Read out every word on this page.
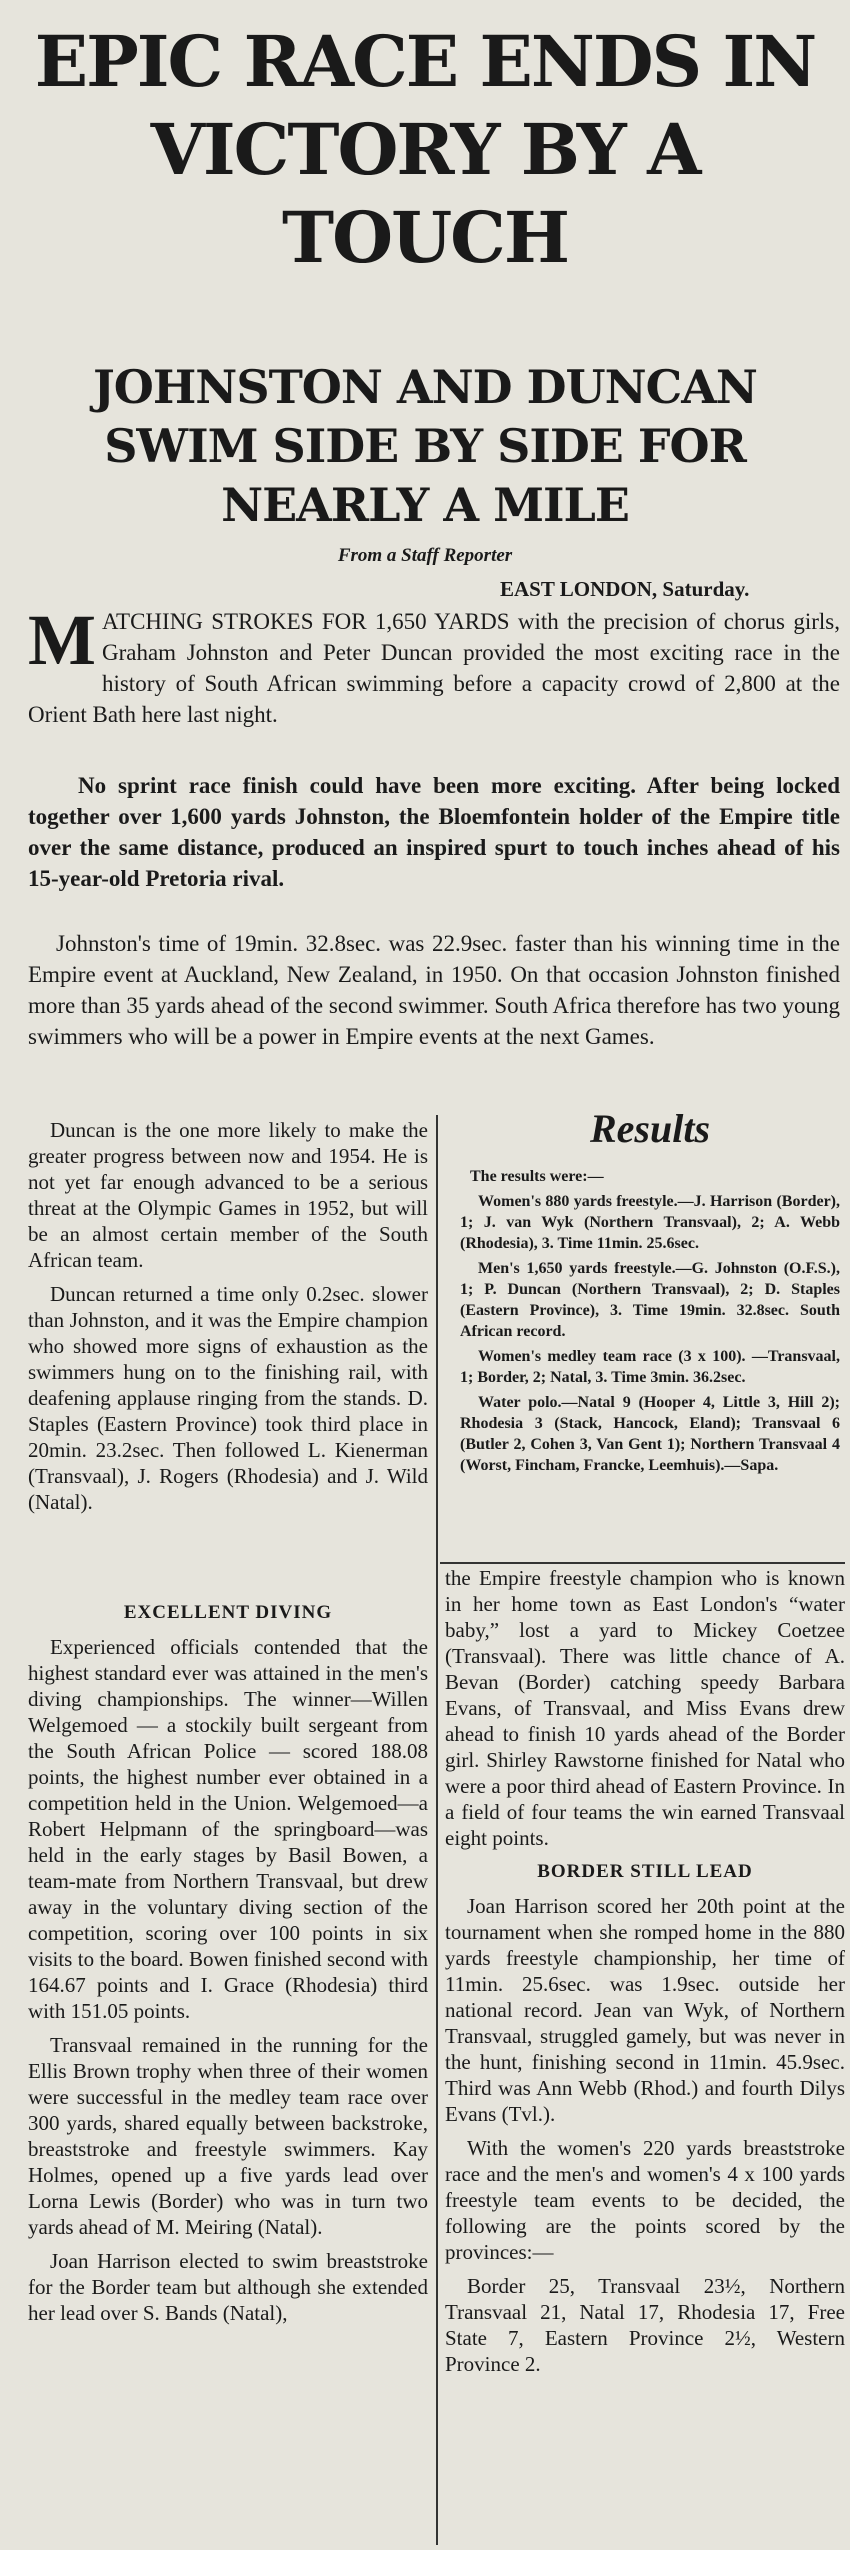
EPIC RACE ENDS IN VICTORY BY A TOUCH
JOHNSTON AND DUNCAN SWIM SIDE BY SIDE FOR NEARLY A MILE
From a Staff Reporter
EAST LONDON, Saturday.

MATCHING STROKES FOR 1,650 YARDS with the precision of chorus girls, Graham Johnston and Peter Duncan provided the most exciting race in the history of South African swimming before a capacity crowd of 2,800 at the Orient Bath here last night.

No sprint race finish could have been more exciting. After being locked together over 1,600 yards Johnston, the Bloemfontein holder of the Empire title over the same distance, produced an inspired spurt to touch inches ahead of his 15-year-old Pretoria rival.

Johnston's time of 19min. 32.8sec. was 22.9sec. faster than his winning time in the Empire event at Auckland, New Zealand, in 1950. On that occasion Johnston finished more than 35 yards ahead of the second swimmer. South Africa therefore has two young swimmers who will be a power in Empire events at the next Games.

Duncan is the one more likely to make the greater progress between now and 1954. He is not yet far enough advanced to be a serious threat at the Olympic Games in 1952, but will be an almost certain member of the South African team.

Duncan returned a time only 0.2sec. slower than Johnston, and it was the Empire champion who showed more signs of exhaustion as the swimmers hung on to the finishing rail, with deafening applause ringing from the stands. D. Staples (Eastern Province) took third place in 20min. 23.2sec. Then followed L. Kienerman (Transvaal), J. Rogers (Rhodesia) and J. Wild (Natal).

EXCELLENT DIVING

Experienced officials contended that the highest standard ever was attained in the men's diving championships. The winner—Willen Welgemoed — a stockily built sergeant from the South African Police — scored 188.08 points, the highest number ever obtained in a competition held in the Union. Welgemoed—a Robert Helpmann of the springboard—was held in the early stages by Basil Bowen, a team-mate from Northern Transvaal, but drew away in the voluntary diving section of the competition, scoring over 100 points in six visits to the board. Bowen finished second with 164.67 points and I. Grace (Rhodesia) third with 151.05 points.

Transvaal remained in the running for the Ellis Brown trophy when three of their women were successful in the medley team race over 300 yards, shared equally between backstroke, breaststroke and freestyle swimmers. Kay Holmes, opened up a five yards lead over Lorna Lewis (Border) who was in turn two yards ahead of M. Meiring (Natal).

Joan Harrison elected to swim breaststroke for the Border team but although she extended her lead over S. Bands (Natal),

Results

The results were:—

Women's 880 yards freestyle.—J. Harrison (Border), 1; J. van Wyk (Northern Transvaal), 2; A. Webb (Rhodesia), 3. Time 11min. 25.6sec.

Men's 1,650 yards freestyle.—G. Johnston (O.F.S.), 1; P. Duncan (Northern Transvaal), 2; D. Staples (Eastern Province), 3. Time 19min. 32.8sec. South African record.

Women's medley team race (3 x 100). —Transvaal, 1; Border, 2; Natal, 3. Time 3min. 36.2sec.

Water polo.—Natal 9 (Hooper 4, Little 3, Hill 2); Rhodesia 3 (Stack, Hancock, Eland); Transvaal 6 (Butler 2, Cohen 3, Van Gent 1); Northern Transvaal 4 (Worst, Fincham, Francke, Leemhuis).—Sapa.

the Empire freestyle champion who is known in her home town as East London's “water baby,” lost a yard to Mickey Coetzee (Transvaal). There was little chance of A. Bevan (Border) catching speedy Barbara Evans, of Transvaal, and Miss Evans drew ahead to finish 10 yards ahead of the Border girl. Shirley Rawstorne finished for Natal who were a poor third ahead of Eastern Province. In a field of four teams the win earned Transvaal eight points.

BORDER STILL LEAD

Joan Harrison scored her 20th point at the tournament when she romped home in the 880 yards freestyle championship, her time of 11min. 25.6sec. was 1.9sec. outside her national record. Jean van Wyk, of Northern Transvaal, struggled gamely, but was never in the hunt, finishing second in 11min. 45.9sec. Third was Ann Webb (Rhod.) and fourth Dilys Evans (Tvl.).

With the women's 220 yards breaststroke race and the men's and women's 4 x 100 yards freestyle team events to be decided, the following are the points scored by the provinces:—

Border 25, Transvaal 23½, Northern Transvaal 21, Natal 17, Rhodesia 17, Free State 7, Eastern Province 2½, Western Province 2.
